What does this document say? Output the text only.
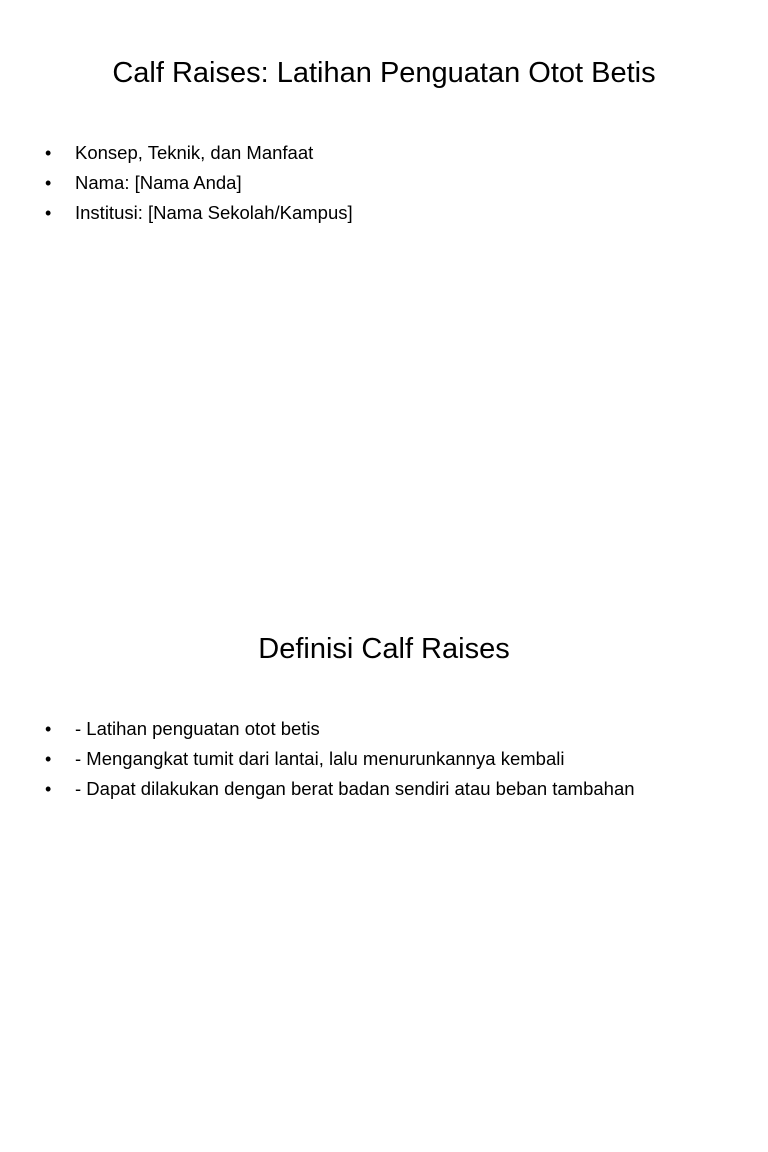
Calf Raises: Latihan Penguatan Otot Betis
• Konsep, Teknik, dan Manfaat
• Nama: [Nama Anda]
• Institusi: [Nama Sekolah/Kampus]
Definisi Calf Raises
• - Latihan penguatan otot betis
• - Mengangkat tumit dari lantai, lalu menurunkannya kembali
• - Dapat dilakukan dengan berat badan sendiri atau beban tambahan
